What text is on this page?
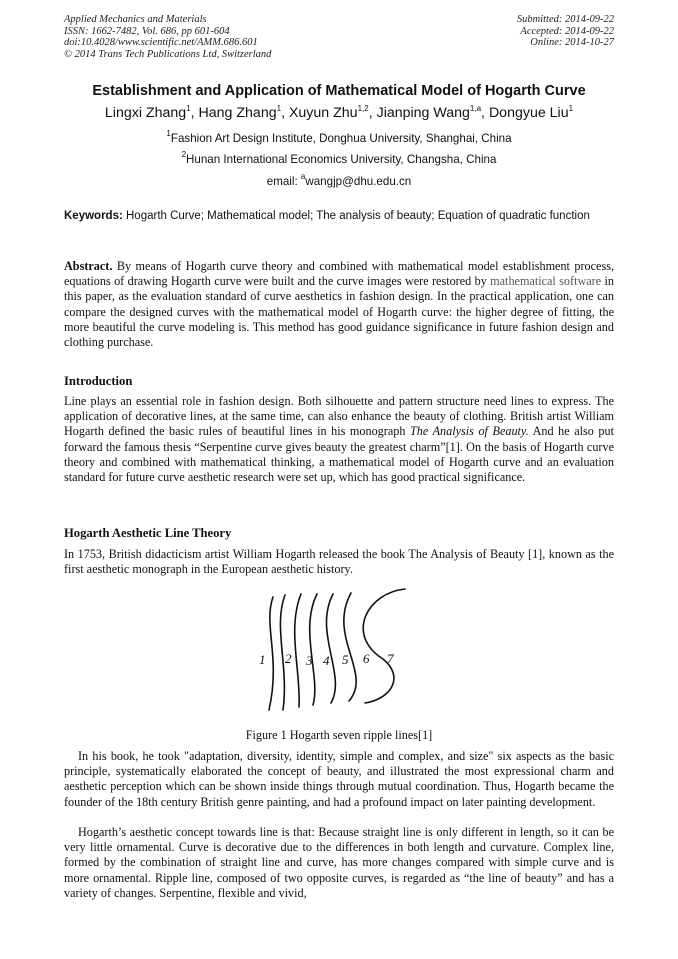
Applied Mechanics and Materials
ISSN: 1662-7482, Vol. 686, pp 601-604
doi:10.4028/www.scientific.net/AMM.686.601
© 2014 Trans Tech Publications Ltd, Switzerland
Submitted: 2014-09-22
Accepted: 2014-09-22
Online: 2014-10-27
Establishment and Application of Mathematical Model of Hogarth Curve
Lingxi Zhang$^1$, Hang Zhang$^1$, Xuyun Zhu$^{1,2}$, Jianping Wang$^{1,a}$, Dongyue Liu$^1$
$^1$Fashion Art Design Institute, Donghua University, Shanghai, China
$^2$Hunan International Economics University, Changsha, China
email: $^a$wangjp@dhu.edu.cn
Keywords: Hogarth Curve; Mathematical model; The analysis of beauty; Equation of quadratic function
Abstract. By means of Hogarth curve theory and combined with mathematical model establishment process, equations of drawing Hogarth curve were built and the curve images were restored by mathematical software in this paper, as the evaluation standard of curve aesthetics in fashion design. In the practical application, one can compare the designed curves with the mathematical model of Hogarth curve: the higher degree of fitting, the more beautiful the curve modeling is. This method has good guidance significance in future fashion design and clothing purchase.
Introduction
Line plays an essential role in fashion design. Both silhouette and pattern structure need lines to express. The application of decorative lines, at the same time, can also enhance the beauty of clothing. British artist William Hogarth defined the basic rules of beautiful lines in his monograph The Analysis of Beauty. And he also put forward the famous thesis “Serpentine curve gives beauty the greatest charm”[1]. On the basis of Hogarth curve theory and combined with mathematical thinking, a mathematical model of Hogarth curve and an evaluation standard for future curve aesthetic research were set up, which has good practical significance.
Hogarth Aesthetic Line Theory
In 1753, British didacticism artist William Hogarth released the book The Analysis of Beauty [1], known as the first aesthetic monograph in the European aesthetic history.
1 2 3 4 5 6 7
Figure 1 Hogarth seven ripple lines[1]
In his book, he took "adaptation, diversity, identity, simple and complex, and size" six aspects as the basic principle, systematically elaborated the concept of beauty, and illustrated the most expressional charm and aesthetic perception which can be shown inside things through mutual coordination. Thus, Hogarth became the founder of the 18th century British genre painting, and had a profound impact on later painting development.
Hogarth’s aesthetic concept towards line is that: Because straight line is only different in length, so it can be very little ornamental. Curve is decorative due to the differences in both length and curvature. Complex line, formed by the combination of straight line and curve, has more changes compared with simple curve and is more ornamental. Ripple line, composed of two opposite curves, is regarded as “the line of beauty” and has a variety of changes. Serpentine, flexible and vivid,
